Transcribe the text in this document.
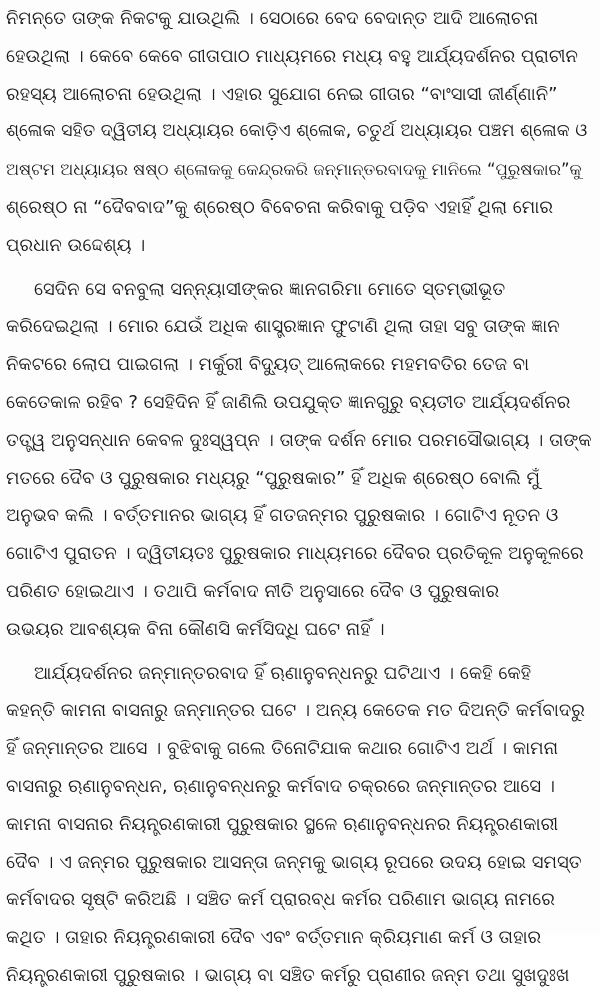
ନିମନ୍ତେ ତାଙ୍କ ନିକଟକୁ ଯାଉଥିଲି । ସେଠାରେ ବେଦ ବେଦାନ୍ତ ଆଦି ଆଲୋଚନା
ହେଉଥିଲା । କେବେ କେବେ ଗୀତାପାଠ ମାଧ୍ୟମରେ ମଧ୍ୟ ବହୁ ଆର୍ଯ୍ୟଦର୍ଶନର ପ୍ରାଚୀନ
ରହସ୍ୟ ଆଲୋଚନା ହେଉଥିଲା । ଏହାର ସୁଯୋଗ ନେଇ ଗୀତାର “ବାଂସାସୀ ଜୀର୍ଣ୍ଣାନି”
ଶ୍ଳୋକ ସହିତ ଦ୍ୱିତୀୟ ଅଧ୍ୟାୟର କୋଡ଼ିଏ ଶ୍ଳୋକ, ଚତୁର୍ଥ ଅଧ୍ୟାୟର ପଞ୍ଚମ ଶ୍ଳୋକ ଓ
ଅଷ୍ଟମ ଅଧ୍ୟାୟର ଷଷ୍ଠ ଶ୍ଳୋକକୁ କେନ୍ଦ୍ରକରି ଜନ୍ମାନ୍ତରବାଦକୁ ମାନିଲେ “ପୁରୁଷକାର”କୁ
ଶ୍ରେଷ୍ଠ ନା “ଦୈବବାଦ”କୁ ଶ୍ରେଷ୍ଠ ବିବେଚନା କରିବାକୁ ପଡ଼ିବ ଏହାହିଁ ଥିଲା ମୋର
ପ୍ରଧାନ ଉଦ୍ଦେଶ୍ୟ ।
ସେଦିନ ସେ ବନବୁଲା ସନ୍ନ୍ୟାସୀଙ୍କର ଜ୍ଞାନଗରିମା ମୋତେ ସ୍ତମ୍ଭୀଭୂତ
କରିଦେଇଥିଲା । ମୋର ଯେଉଁ ଅଧିକ ଶାସ୍ତ୍ରଜ୍ଞାନ ଫୁଟାଣି ଥିଲା ତାହା ସବୁ ତାଙ୍କ ଜ୍ଞାନ
ନିକଟରେ ଲୋପ ପାଇଗଲା । ମର୍କୁରୀ ବିଦ୍ୟୁତ୍ ଆଲୋକରେ ମହମବତିର ତେଜ ବା
କେତେକାଳ ରହିବ ? ସେହିଦିନ ହିଁ ଜାଣିଲି ଉପଯୁକ୍ତ ଜ୍ଞାନଗୁରୁ ବ୍ୟତୀତ ଆର୍ଯ୍ୟଦର୍ଶନର
ତତ୍ତ୍ୱ ଅନୁସନ୍ଧାନ କେବଳ ଦୁଃସ୍ୱପ୍ନ । ତାଙ୍କ ଦର୍ଶନ ମୋର ପରମସୌଭାଗ୍ୟ । ତାଙ୍କ
ମତରେ ଦୈବ ଓ ପୁରୁଷକାର ମଧ୍ୟରୁ “ପୁରୁଷକାର” ହିଁ ଅଧିକ ଶ୍ରେଷ୍ଠ ବୋଲି ମୁଁ
ଅନୁଭବ କଲି । ବର୍ତ୍ତମାନର ଭାଗ୍ୟ ହିଁ ଗତଜନ୍ମର ପୁରୁଷକାର । ଗୋଟିଏ ନୂତନ ଓ
ଗୋଟିଏ ପୁରାତନ । ଦ୍ୱିତୀୟତଃ ପୁରୁଷକାର ମାଧ୍ୟମରେ ଦୈବର ପ୍ରତିକୂଳ ଅନୁକୂଳରେ
ପରିଣତ ହୋଇଥାଏ । ତଥାପି କର୍ମବାଦ ନୀତି ଅନୁସାରେ ଦୈବ ଓ ପୁରୁଷକାର
ଉଭୟର ଆବଶ୍ୟକ ବିନା କୌଣସି କର୍ମସିଦ୍ଧି ଘଟେ ନାହିଁ ।
ଆର୍ଯ୍ୟଦର୍ଶନର ଜନ୍ମାନ୍ତରବାଦ ହିଁ ଋଣାନୁବନ୍ଧନରୁ ଘଟିଥାଏ । କେହି କେହି
କହନ୍ତି କାମନା ବାସନାରୁ ଜନ୍ମାନ୍ତର ଘଟେ । ଅନ୍ୟ କେତେକ ମତ ଦିଅନ୍ତି କର୍ମବାଦରୁ
ହିଁ ଜନ୍ମାନ୍ତର ଆସେ । ବୁଝିବାକୁ ଗଲେ ତିନୋଟିଯାକ କଥାର ଗୋଟିଏ ଅର୍ଥ । କାମନା
ବାସନାରୁ ଋଣାନୁବନ୍ଧନ, ଋଣାନୁବନ୍ଧନରୁ କର୍ମବାଦ ଚକ୍ରରେ ଜନ୍ମାନ୍ତର ଆସେ ।
କାମନା ବାସନାର ନିୟନ୍ତ୍ରଣକାରୀ ପୁରୁଷକାର ସ୍ଥଳେ ଋଣାନୁବନ୍ଧନର ନିୟନ୍ତ୍ରଣକାରୀ
ଦୈବ । ଏ ଜନ୍ମର ପୁରୁଷକାର ଆସନ୍ତା ଜନ୍ମକୁ ଭାଗ୍ୟ ରୂପରେ ଉଦୟ ହୋଇ ସମସ୍ତ
କର୍ମବାଦର ସୃଷ୍ଟି କରିଅଛି । ସଞ୍ଚିତ କର୍ମ ପ୍ରାରବ୍ଧ କର୍ମର ପରିଣାମ ଭାଗ୍ୟ ନାମରେ
କଥିତ । ତାହାର ନିୟନ୍ତ୍ରଣକାରୀ ଦୈବ ଏବଂ ବର୍ତ୍ତମାନ କ୍ରିୟମାଣ କର୍ମ ଓ ତାହାର
ନିୟନ୍ତ୍ରଣକାରୀ ପୁରୁଷକାର । ଭାଗ୍ୟ ବା ସଞ୍ଚିତ କର୍ମରୁ ପ୍ରାଣୀର ଜନ୍ମ ତଥା ସୁଖଦୁଃଖ
